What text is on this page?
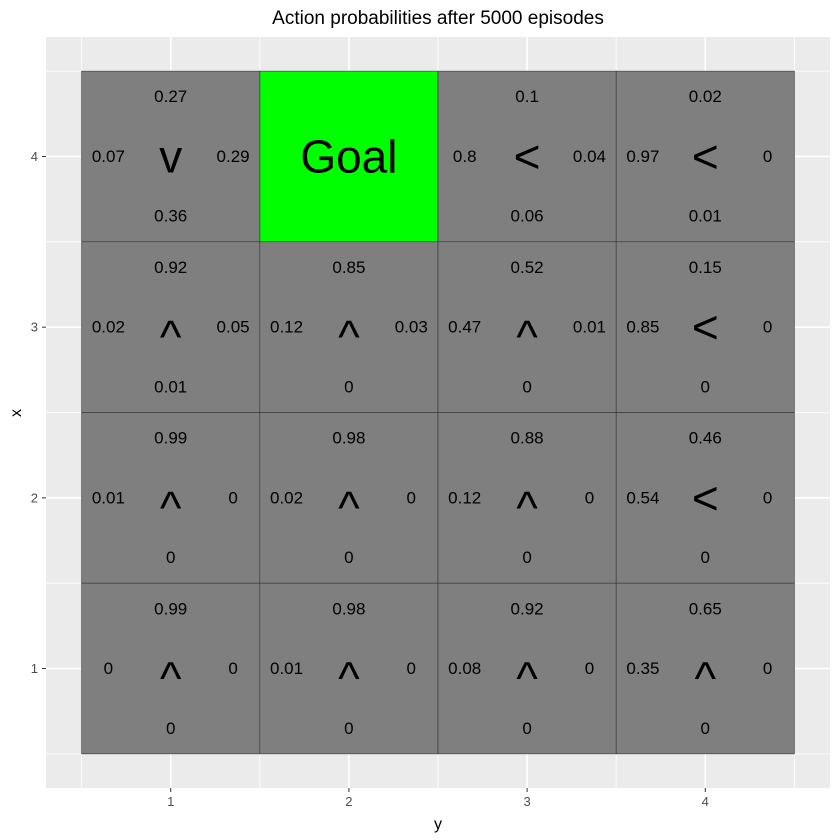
Action probabilities after 5000 episodes
Goal
0.27
0.36
0.07	0.29
v
0.1
0.06
0.8	0.04
<
0.02
0.01
0.97	0
<
0.92
0.01
0.02	0.05
^
0.85
0
0.12	0.03
^
0.52
0
0.47	0.01
^
0.15
0
0.85	0
<
0.99
0
0.01	0
^
0.98
0
0.02	0
^
0.88
0
0.12	0
^
0.46
0
0.54	0
<
0.99
0
0	0
^
0.98
0
0.01	0
^
0.92
0
0.08	0
^
0.65
0
0.35	0
^
1	2	3	4
1
2
3
4
y
x
